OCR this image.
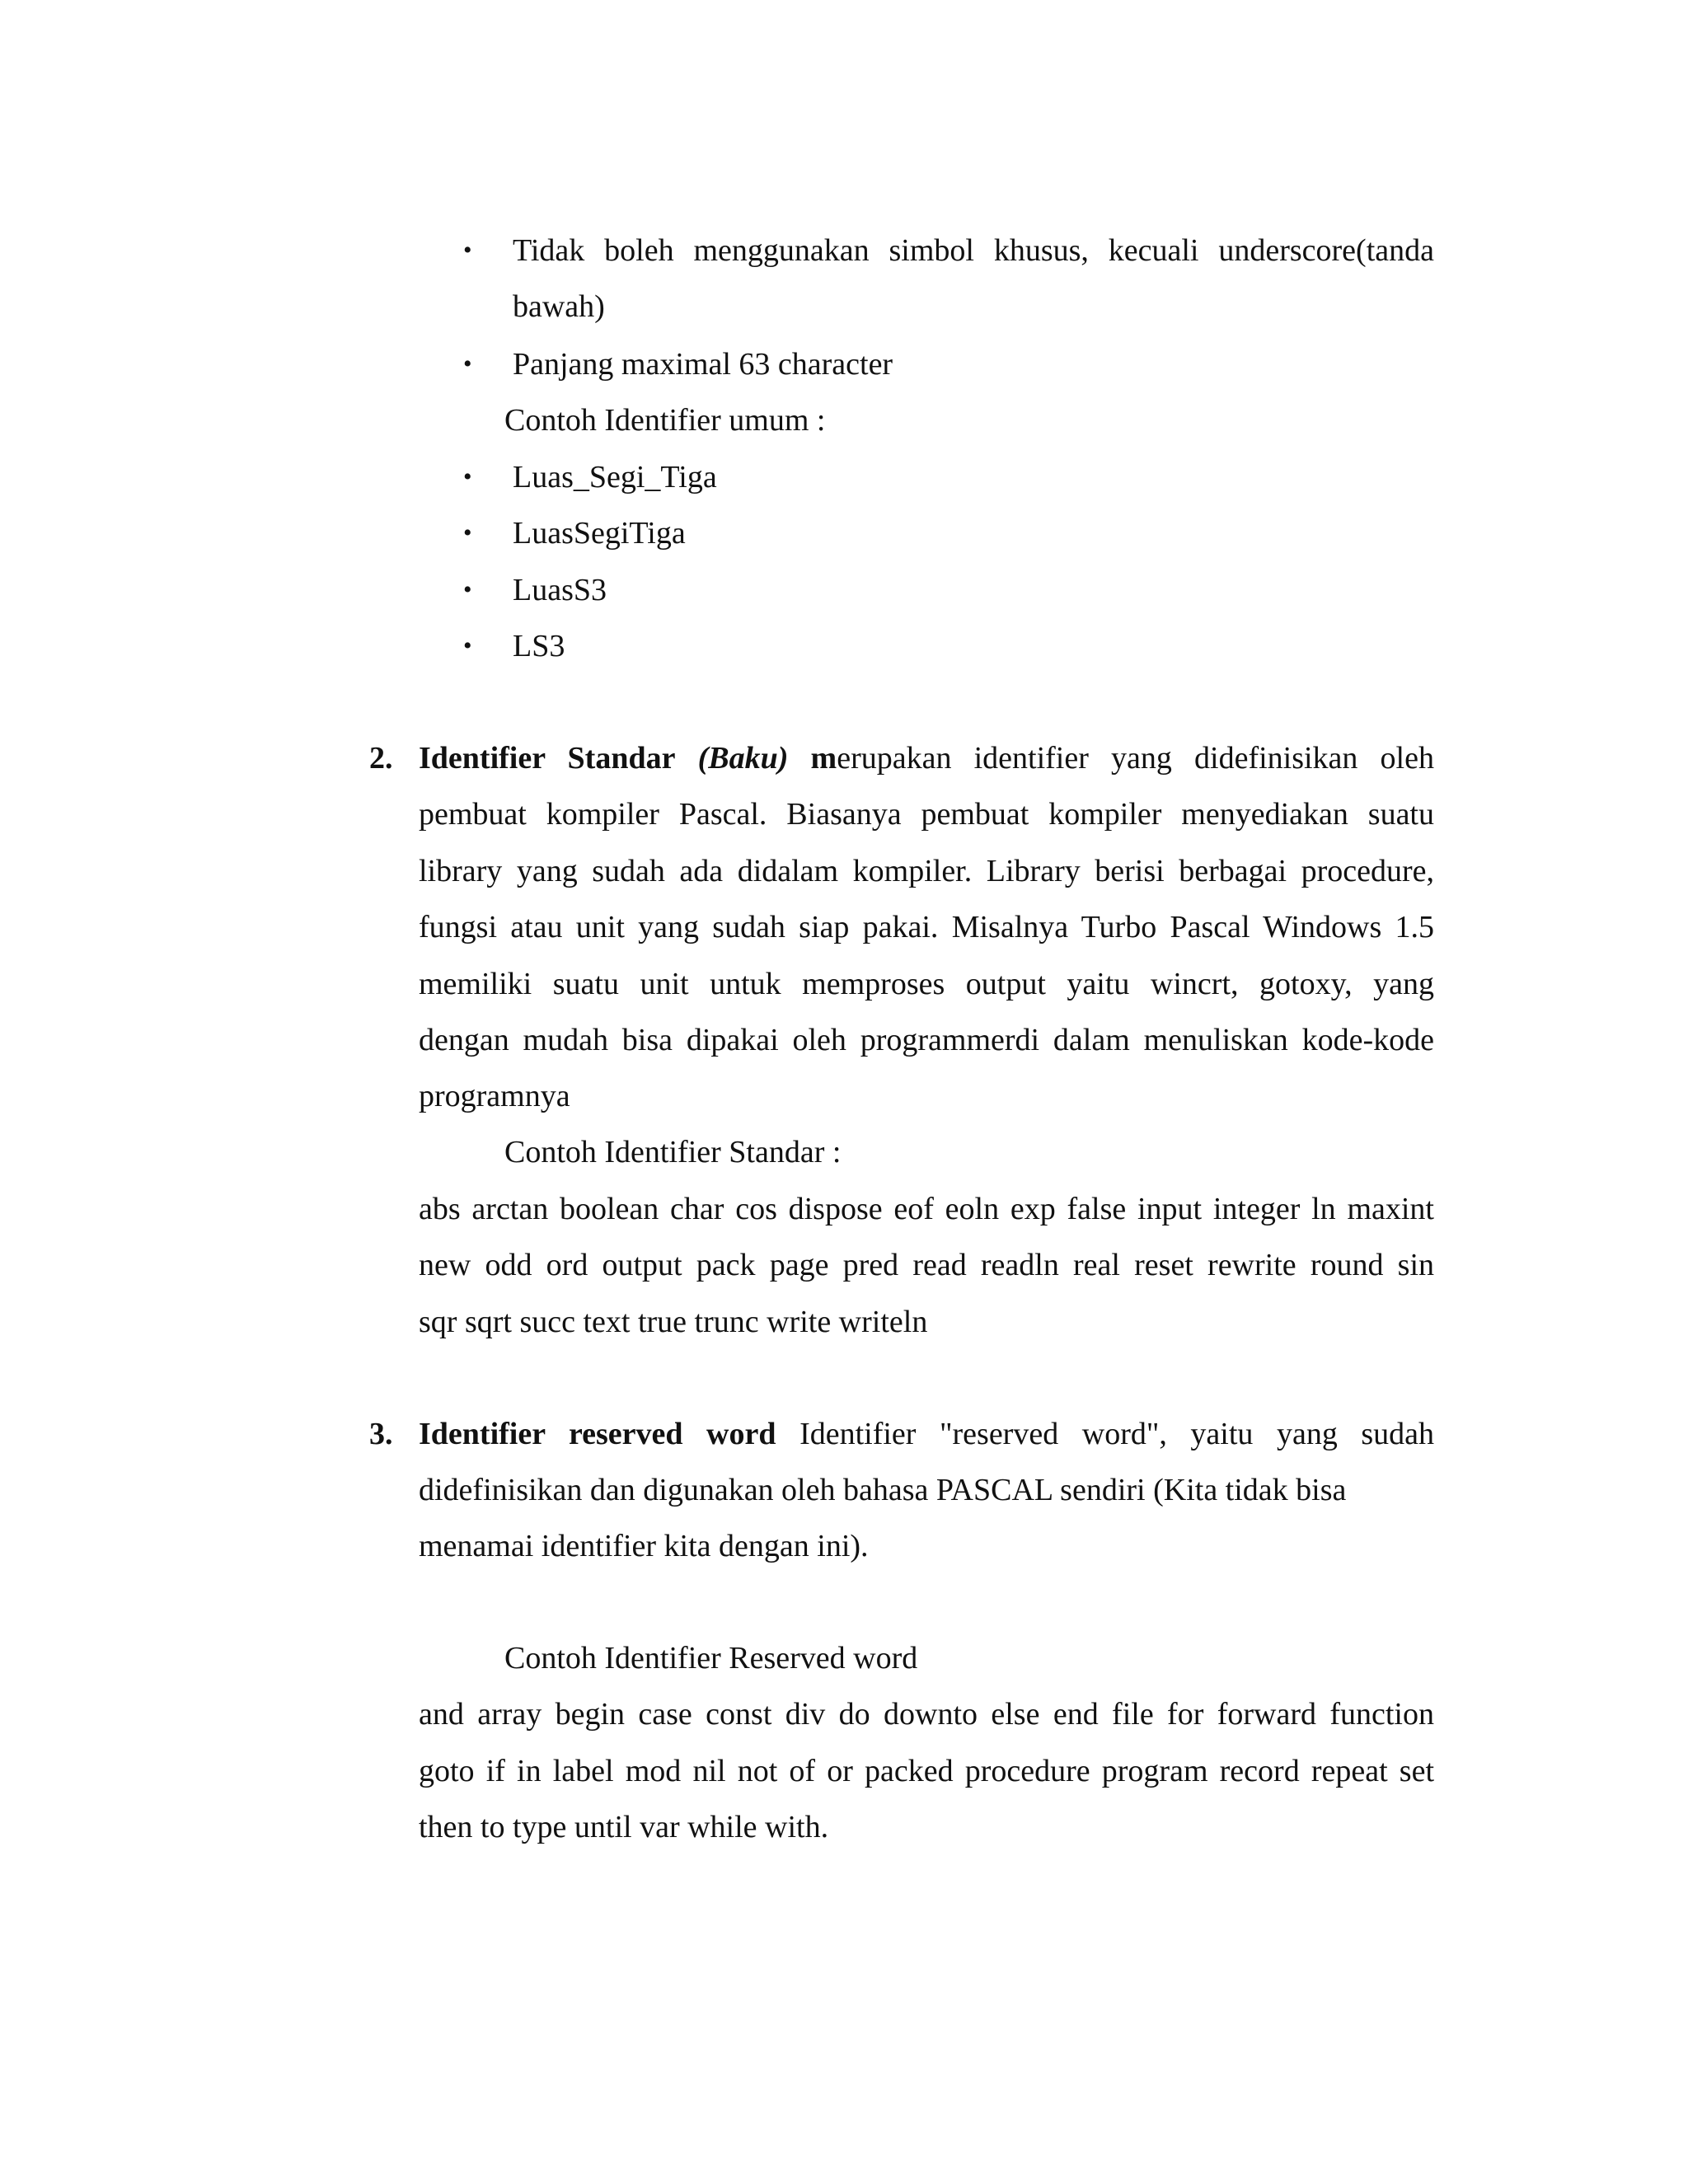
• Tidak boleh menggunakan simbol khusus, kecuali underscore(tanda
bawah)
• Panjang maximal 63 character
Contoh Identifier umum :
• Luas_Segi_Tiga
• LuasSegiTiga
• LuasS3
• LS3
2. Identifier Standar (Baku) merupakan identifier yang didefinisikan oleh
pembuat kompiler Pascal. Biasanya pembuat kompiler menyediakan suatu
library yang sudah ada didalam kompiler. Library berisi berbagai procedure,
fungsi atau unit yang sudah siap pakai. Misalnya Turbo Pascal Windows 1.5
memiliki suatu unit untuk memproses output yaitu wincrt, gotoxy, yang
dengan mudah bisa dipakai oleh programmerdi dalam menuliskan kode-kode
programnya
Contoh Identifier Standar :
abs arctan boolean char cos dispose eof eoln exp false input integer ln maxint
new odd ord output pack page pred read readln real reset rewrite round sin
sqr sqrt succ text true trunc write writeln
3. Identifier reserved word Identifier "reserved word", yaitu yang sudah
didefinisikan dan digunakan oleh bahasa PASCAL sendiri (Kita tidak bisa
menamai identifier kita dengan ini).
Contoh Identifier Reserved word
and array begin case const div do downto else end file for forward function
goto if in label mod nil not of or packed procedure program record repeat set
then to type until var while with.
